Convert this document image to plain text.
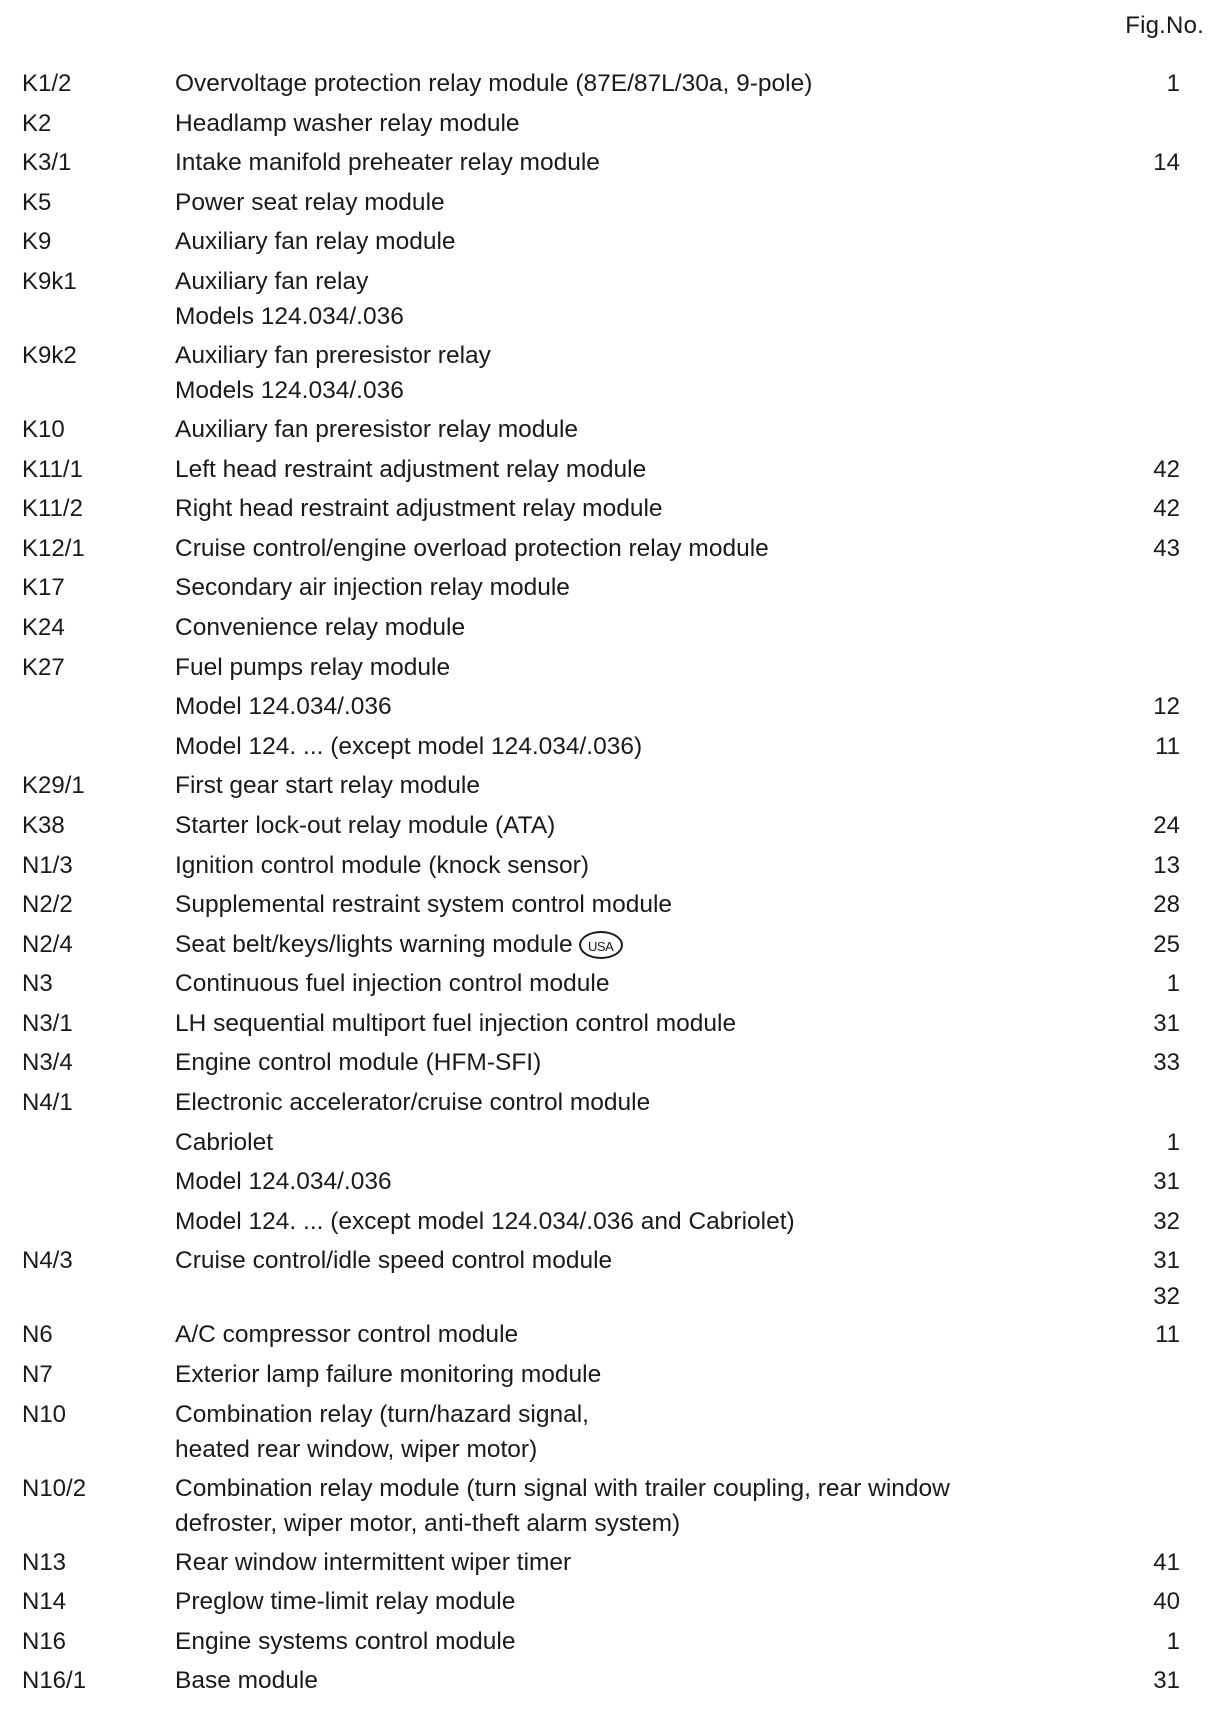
Fig.No.
K1/2	Overvoltage protection relay module (87E/87L/30a, 9-pole)	1
K2	Headlamp washer relay module
K3/1	Intake manifold preheater relay module	14
K5	Power seat relay module
K9	Auxiliary fan relay module
K9k1	Auxiliary fan relay
Models 124.034/.036
K9k2	Auxiliary fan preresistor relay
Models 124.034/.036
K10	Auxiliary fan preresistor relay module
K11/1	Left head restraint adjustment relay module	42
K11/2	Right head restraint adjustment relay module	42
K12/1	Cruise control/engine overload protection relay module	43
K17	Secondary air injection relay module
K24	Convenience relay module
K27	Fuel pumps relay module
Model 124.034/.036	12
Model 124. ... (except model 124.034/.036)	11
K29/1	First gear start relay module
K38	Starter lock-out relay module (ATA)	24
N1/3	Ignition control module (knock sensor)	13
N2/2	Supplemental restraint system control module	28
N2/4	Seat belt/keys/lights warning module USA	25
N3	Continuous fuel injection control module	1
N3/1	LH sequential multiport fuel injection control module	31
N3/4	Engine control module (HFM-SFI)	33
N4/1	Electronic accelerator/cruise control module
Cabriolet	1
Model 124.034/.036	31
Model 124. ... (except model 124.034/.036 and Cabriolet)	32
N4/3	Cruise control/idle speed control module	31
32
N6	A/C compressor control module	11
N7	Exterior lamp failure monitoring module
N10	Combination relay (turn/hazard signal,
heated rear window, wiper motor)
N10/2	Combination relay module (turn signal with trailer coupling, rear window
defroster, wiper motor, anti-theft alarm system)
N13	Rear window intermittent wiper timer	41
N14	Preglow time-limit relay module	40
N16	Engine systems control module	1
N16/1	Base module	31
